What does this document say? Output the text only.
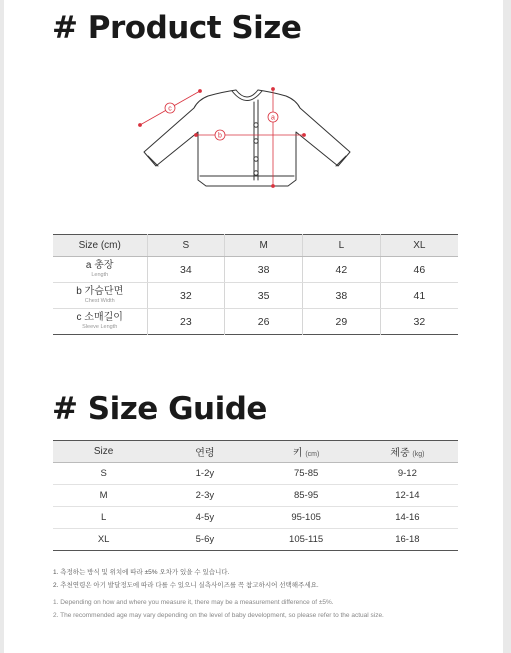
# Product Size
a
b
c
Size (cm)	S	M	L	XL

a 총장
Length	34	38	42	46

b 가슴단면
Chest Width	32	35	38	41

c 소매길이
Sleeve Length	23	26	29	32
# Size Guide
Size	연령	키 (cm)	체중 (kg)
S	1-2y	75-85	9-12
M	2-3y	85-95	12-14
L	4-5y	95-105	14-16
XL	5-6y	105-115	16-18
1. 측정하는 방식 및 위치에 따라 ±5% 오차가 있을 수 있습니다.
2. 추천연령은 아기 발달정도에 따라 다를 수 있으니 실측사이즈를 꼭 참고하시어 선택해주세요.
1. Depending on how and where you measure it, there may be a measurement difference of ±5%.
2. The recommended age may vary depending on the level of baby development, so please refer to the actual size.
